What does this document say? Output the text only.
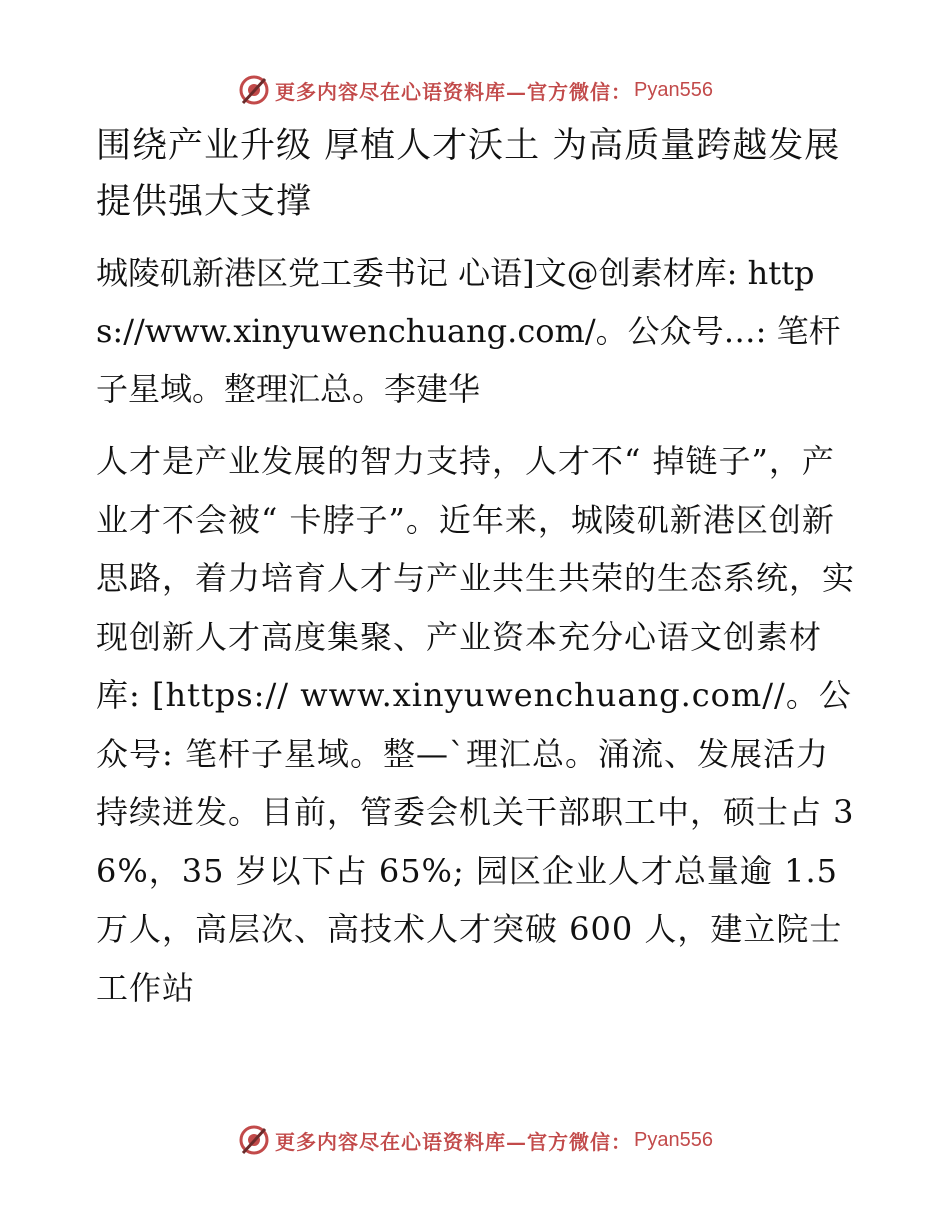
更多内容尽在心语资料库—官方微信： Pyan556
围绕产业升级 厚植人才沃土 为高质量跨越发展提供强大支撑
城陵矶新港区党工委书记 心语]文@创素材库: https://www.xinyuwenchuang.com/。公众号…: 笔杆子星域。整理汇总。李建华
人才是产业发展的智力支持，人才不“ 掉链子”，产业才不会被“ 卡脖子”。近年来，城陵矶新港区创新思路，着力培育人才与产业共生共荣的生态系统，实现创新人才高度集聚、产业资本充分心语文创素材库: [https:// www.xinyuwenchuang.com//。公众号: 笔杆子星域。整—`理汇总。涌流、发展活力持续迸发。目前，管委会机关干部职工中，硕士占 36%，35 岁以下占 65%; 园区企业人才总量逾 1.5 万人，高层次、高技术人才突破 600 人，建立院士工作站
更多内容尽在心语资料库—官方微信： Pyan556
